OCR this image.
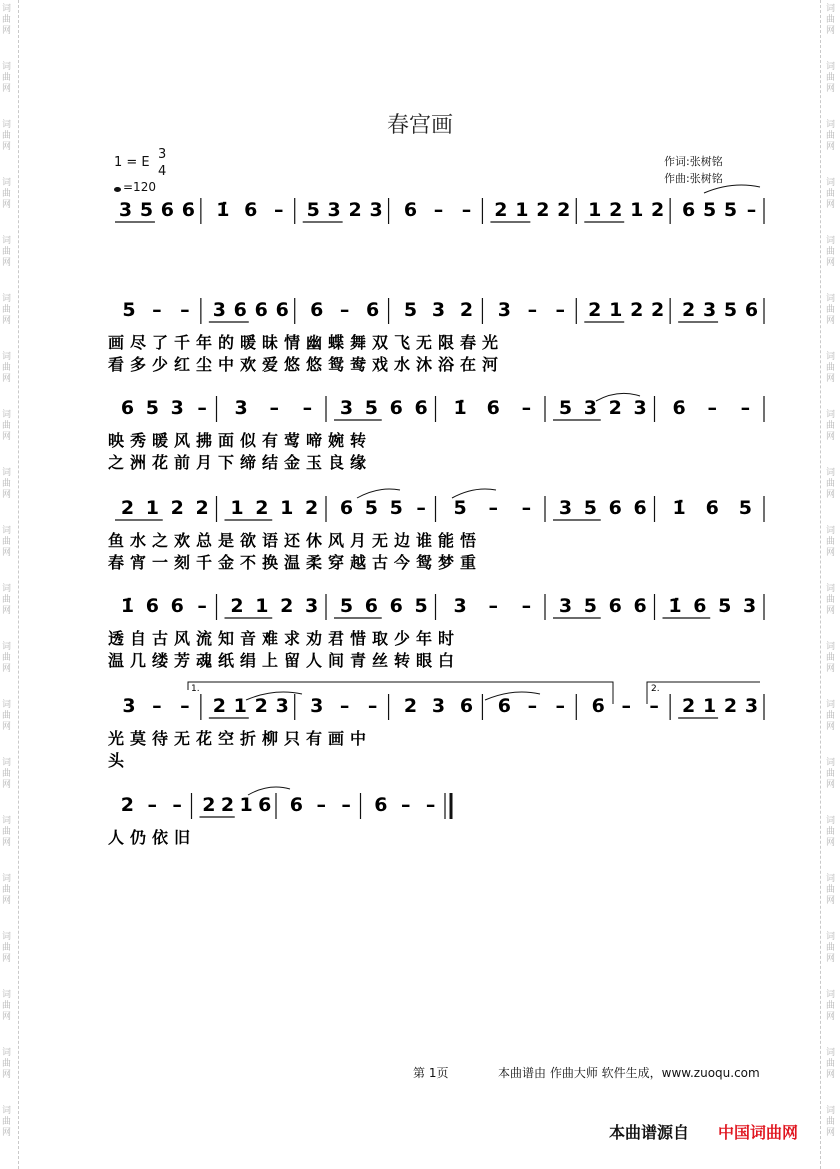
词曲网
词曲网
词曲网
词曲网
词曲网
词曲网
词曲网
词曲网
词曲网
词曲网
词曲网
词曲网
词曲网
词曲网
词曲网
词曲网
词曲网
词曲网
词曲网
词曲网
词曲网
词曲网
词曲网
词曲网
词曲网
词曲网
词曲网
词曲网
词曲网
词曲网
词曲网
词曲网
词曲网
词曲网
词曲网
词曲网
词曲网
词曲网
词曲网
词曲网
春宫画
1 = E
3
4
=120
作词:张树铭
作曲:张树铭
3 5 6 6 1̇ 6 – 5 3 2 3 6 – – 2 1 2 2 1 2 1 2 6 5 5 –
5 – – 3 6 6 6 6 – 6 5 3 2 3 – – 2 1 2 2 2 3 5 6
画尽了千年的暖昧情幽蝶舞双飞无限春光
看多少红尘中欢爱悠悠鸳鸯戏水沐浴在河
6 5 3 – 3 – – 3 5 6 6 1̇ 6 – 5 3 2 3 6 – –
映秀暖风拂面似有莺啼婉转
之洲花前月下缔结金玉良缘
2 1 2 2 1 2 1 2 6 5 5 – 5 – – 3 5 6 6 1̇ 6 5
鱼水之欢总是欲语还休风月无边谁能悟
春宵一刻千金不换温柔穿越古今鸳梦重
1̇ 6 6 – 2 1 2 3 5 6 6 5 3 – – 3 5 6 6 1̇ 6 5 3
透自古风流知音难求劝君惜取少年时
温几缕芳魂纸绢上留人间青丝转眼白
3 – – 2 1 2 3 3 – – 2 3 6 6 – – 6 – – 2 1 2 3
1.	2.
光莫待无花空折柳只有画中
头
2 – – 2 2 1 6 6 – – 6 – –
人仍依旧
第 1页	本曲谱由 作曲大师 软件生成，www.zuoqu.com
本曲谱源自 中国词曲网
